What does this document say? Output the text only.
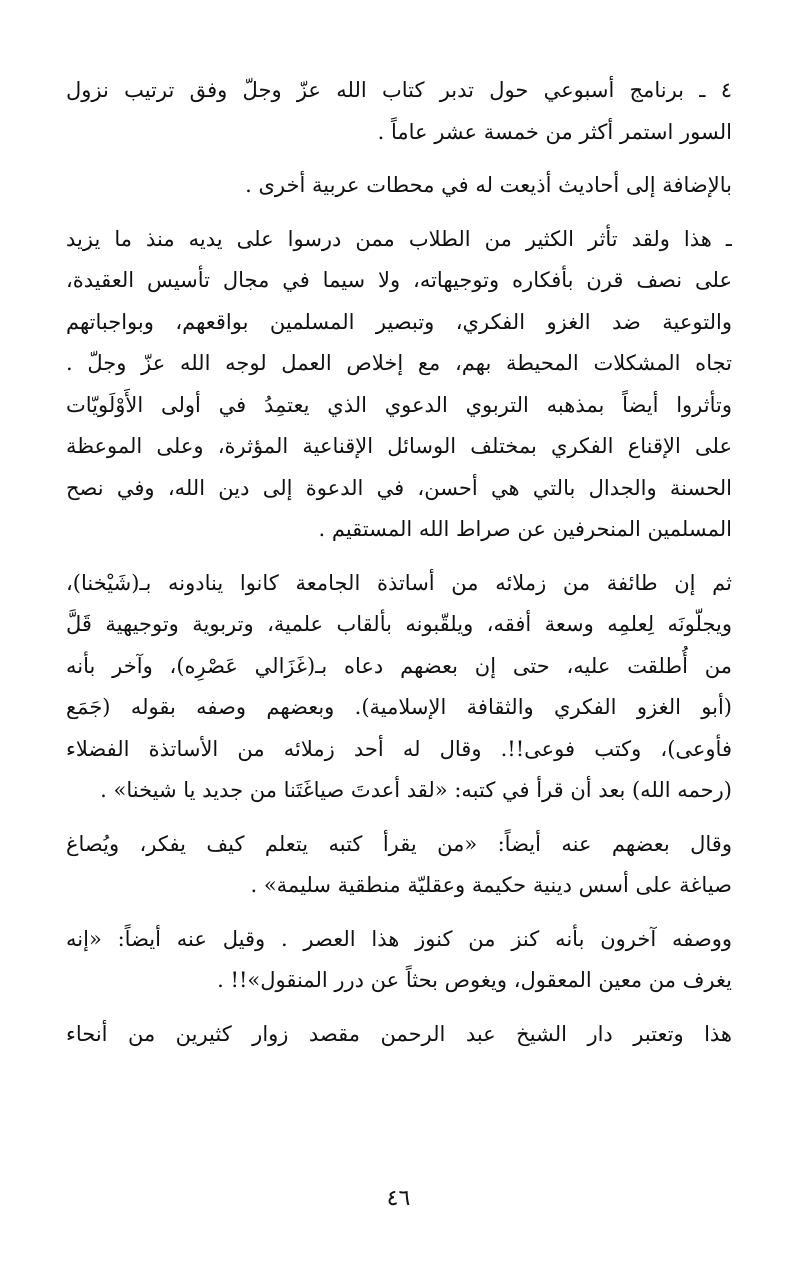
٤ ـ برنامج أسبوعي حول تدبر كتاب الله عزّ وجلّ وفق ترتيب نزول
السور استمر أكثر من خمسة عشر عاماً .
بالإضافة إلى أحاديث أذيعت له في محطات عربية أخرى .
ـ هذا ولقد تأثر الكثير من الطلاب ممن درسوا على يديه منذ ما يزيد
على نصف قرن بأفكاره وتوجيهاته، ولا سيما في مجال تأسيس العقيدة،
والتوعية ضد الغزو الفكري، وتبصير المسلمين بواقعهم، وبواجباتهم
تجاه المشكلات المحيطة بهم، مع إخلاص العمل لوجه الله عزّ وجلّ .
وتأثروا أيضاً بمذهبه التربوي الدعوي الذي يعتمِدُ في أولى الأَوْلَويّات
على الإقناع الفكري بمختلف الوسائل الإقناعية المؤثرة، وعلى الموعظة
الحسنة والجدال بالتي هي أحسن، في الدعوة إلى دين الله، وفي نصح
المسلمين المنحرفين عن صراط الله المستقيم .
ثم إن طائفة من زملائه من أساتذة الجامعة كانوا ينادونه بـ(شَيْخنا)،
ويجلّونَه لِعلمِه وسعة أفقه، ويلقّبونه بألقاب علمية، وتربوية وتوجيهية قَلَّ
من أُطلقت عليه، حتى إن بعضهم دعاه بـ(غَزَالي عَصْرِه)، وآخر بأنه
(أبو الغزو الفكري والثقافة الإسلامية). وبعضهم وصفه بقوله (جَمَع
فأوعى)، وكتب فوعى!!. وقال له أحد زملائه من الأساتذة الفضلاء
(رحمه الله) بعد أن قرأ في كتبه: «لقد أعدتَ صياغَتَنا من جديد يا شيخنا» .
وقال بعضهم عنه أيضاً: «من يقرأ كتبه يتعلم كيف يفكر، ويُصاغ
صياغة على أسس دينية حكيمة وعقليّة منطقية سليمة» .
ووصفه آخرون بأنه كنز من كنوز هذا العصر . وقيل عنه أيضاً: «إنه
يغرف من معين المعقول، ويغوص بحثاً عن درر المنقول»!! .
هذا وتعتبر دار الشيخ عبد الرحمن مقصد زوار كثيرين من أنحاء
٤٦
